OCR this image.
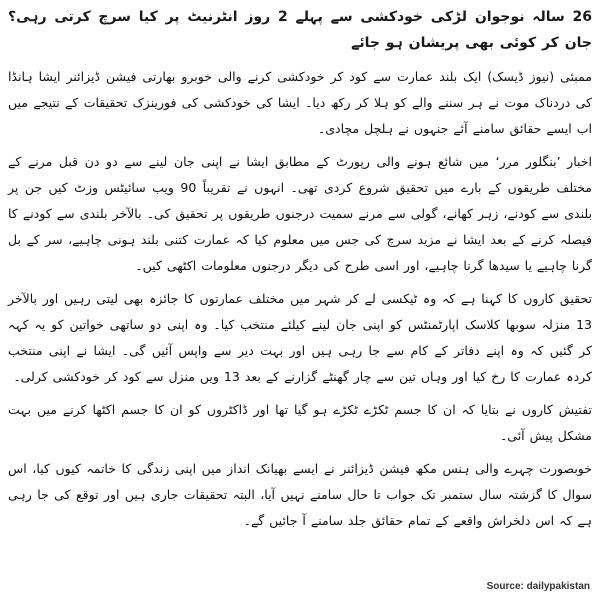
26 سالہ نوجوان لڑکی خودکشی سے پہلے 2 روز انٹرنیٹ پر کیا سرچ کرتی رہی؟ جان کر کوئی بھی پریشان ہو جائے

ممبئی (نیوز ڈیسک) ایک بلند عمارت سے کود کر خودکشی کرنے والی خوبرو بھارتی فیشن ڈیزائنر ایشا ہانڈا کی دردناک موت نے ہر سننے والے کو ہلا کر رکھ دیا۔ ایشا کی خودکشی کی فورینزک تحقیقات کے نتیجے میں اب ایسے حقائق سامنے آئے جنہوں نے ہلچل مچادی۔

اخبار ’بنگلور مرر‘ میں شائع ہونے والی رپورٹ کے مطابق ایشا نے اپنی جان لینے سے دو دن قبل مرنے کے مختلف طریقوں کے بارے میں تحقیق شروع کردی تھی۔ انہوں نے تقریباً 90 ویب سائیٹس وزٹ کیں جن پر بلندی سے کودنے، زہر کھانے، گولی سے مرنے سمیت درجنوں طریقوں پر تحقیق کی۔ بالآخر بلندی سے کودنے کا فیصلہ کرنے کے بعد ایشا نے مزید سرچ کی جس میں معلوم کیا کہ عمارت کتنی بلند ہونی چاہیے، سر کے بل گرنا چاہیے یا سیدھا گرنا چاہیے، اور اسی طرح کی دیگر درجنوں معلومات اکٹھی کیں۔

تحقیق کاروں کا کہنا ہے کہ وہ ٹیکسی لے کر شہر میں مختلف عمارتوں کا جائزہ بھی لیتی رہیں اور بالآخر 13 منزلہ سوبھا کلاسک اپارٹمنٹس کو اپنی جان لینے کیلئے منتخب کیا۔ وہ اپنی دو ساتھی خواتین کو یہ کہہ کر گئیں کہ وہ اپنے دفاتر کے کام سے جا رہی ہیں اور بہت دیر سے واپس آئیں گی۔ ایشا نے اپنی منتخب کردہ عمارت کا رخ کیا اور وہاں تین سے چار گھنٹے گزارنے کے بعد 13 ویں منزل سے کود کر خودکشی کرلی۔

تفتیش کاروں نے بتایا کہ ان کا جسم ٹکڑے ٹکڑے ہو گیا تھا اور ڈاکٹروں کو ان کا جسم اکٹھا کرنے میں بہت مشکل پیش آئی۔

خوبصورت چہرے والی ہنس مکھ فیشن ڈیزائنر نے ایسے بھیانک انداز میں اپنی زندگی کا خاتمہ کیوں کیا، اس سوال کا گزشتہ سال ستمبر تک جواب تا حال سامنے نہیں آیا، البتہ تحقیقات جاری ہیں اور توقع کی جا رہی ہے کہ اس دلخراش واقعے کے تمام حقائق جلد سامنے آ جائیں گے۔

Source: dailypakistan
